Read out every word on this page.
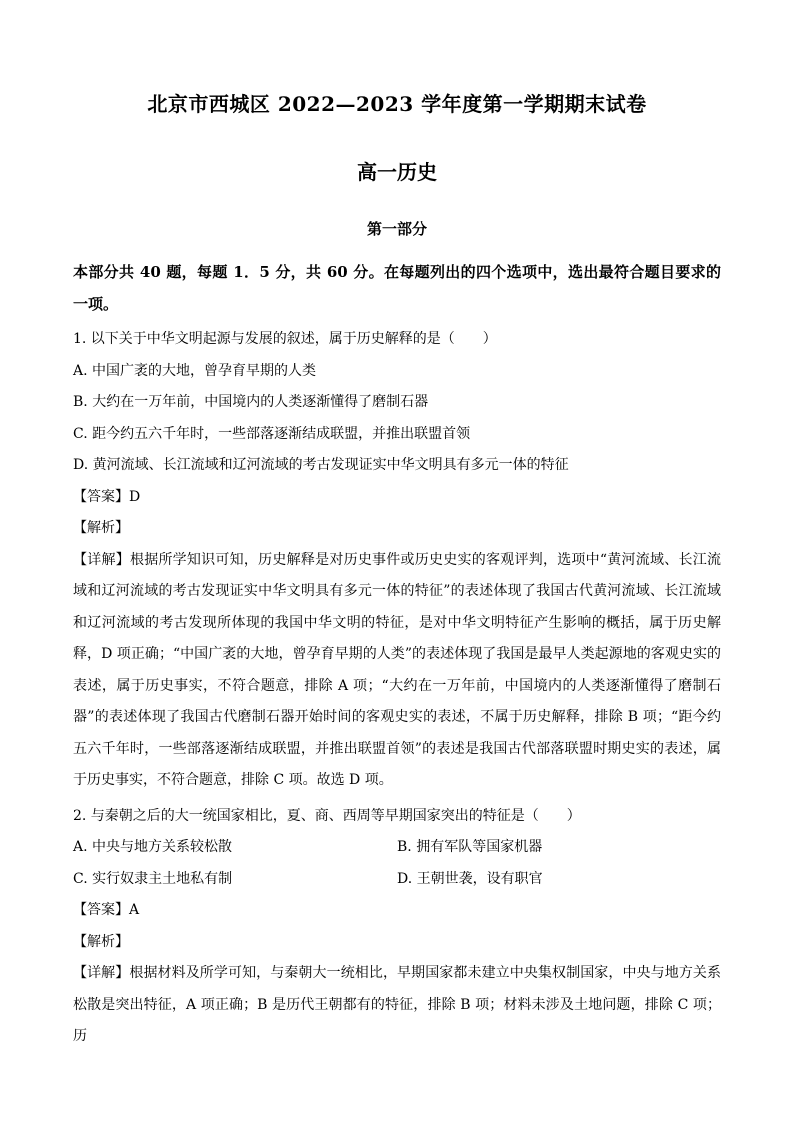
北京市西城区 2022—2023 学年度第一学期期末试卷
高一历史
第一部分

本部分共 40 题，每题 1．5 分，共 60 分。在每题列出的四个选项中，选出最符合题目要求的一项。

1. 以下关于中华文明起源与发展的叙述，属于历史解释的是（　　）

A. 中国广袤的大地，曾孕育早期的人类

B. 大约在一万年前，中国境内的人类逐渐懂得了磨制石器

C. 距今约五六千年时，一些部落逐渐结成联盟，并推出联盟首领

D. 黄河流域、长江流域和辽河流域的考古发现证实中华文明具有多元一体的特征

【答案】D

【解析】

【详解】根据所学知识可知，历史解释是对历史事件或历史史实的客观评判，选项中“黄河流域、长江流域和辽河流域的考古发现证实中华文明具有多元一体的特征”的表述体现了我国古代黄河流域、长江流域和辽河流域的考古发现所体现的我国中华文明的特征，是对中华文明特征产生影响的概括，属于历史解释，D 项正确；“中国广袤的大地，曾孕育早期的人类”的表述体现了我国是最早人类起源地的客观史实的表述，属于历史事实，不符合题意，排除 A 项；“大约在一万年前，中国境内的人类逐渐懂得了磨制石器”的表述体现了我国古代磨制石器开始时间的客观史实的表述，不属于历史解释，排除 B 项；“距今约五六千年时，一些部落逐渐结成联盟，并推出联盟首领”的表述是我国古代部落联盟时期史实的表述，属于历史事实，不符合题意，排除 C 项。故选 D 项。

2. 与秦朝之后的大一统国家相比，夏、商、西周等早期国家突出的特征是（　　）

A. 中央与地方关系较松散	B. 拥有军队等国家机器
C. 实行奴隶主土地私有制	D. 王朝世袭，设有职官

【答案】A

【解析】

【详解】根据材料及所学可知，与秦朝大一统相比，早期国家都未建立中央集权制国家，中央与地方关系松散是突出特征，A 项正确；B 是历代王朝都有的特征，排除 B 项；材料未涉及土地问题，排除 C 项；历
